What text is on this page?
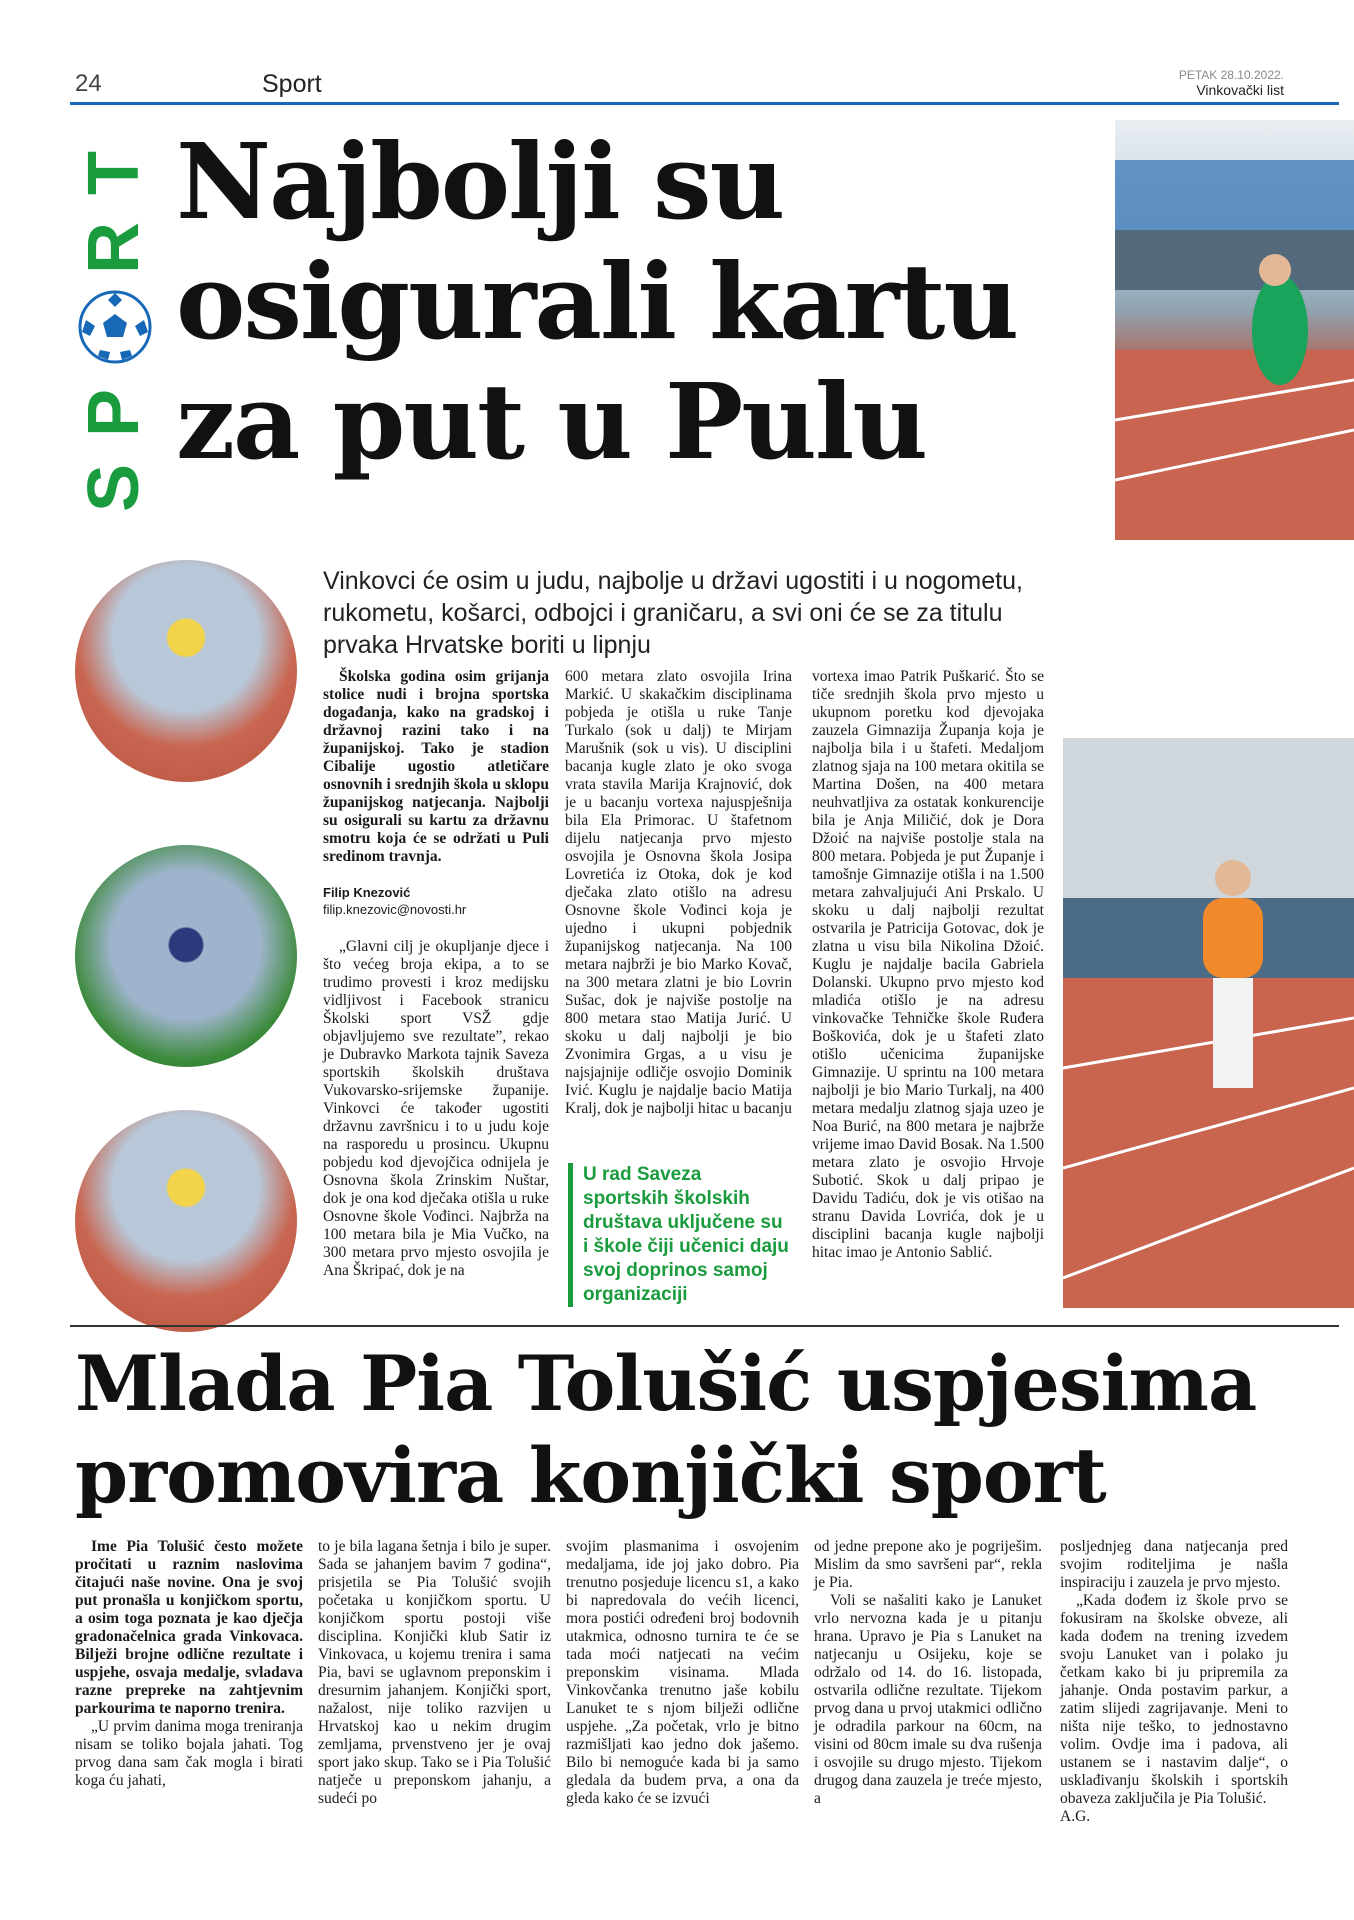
24	Sport	PETAK 28.10.2022.
Vinkovački list
S
P
R
T Najbolji su osigurali kartu za put u Pulu
Vinkovci će osim u judu, najbolje u državi ugostiti i u nogometu, rukometu, košarci, odbojci i graničaru, a svi oni će se za titulu prvaka Hrvatske boriti u lipnju

Školska godina osim grijanja stolice nudi i brojna sportska događanja, kako na gradskoj i državnoj razini tako i na županijskoj. Tako je stadion Cibalije ugostio atletičare osnovnih i srednjih škola u sklopu županijskog natjecanja. Najbolji su osigurali su kartu za državnu smotru koja će se održati u Puli sredinom travnja.

Filip Knezović
filip.knezovic@novosti.hr

„Glavni cilj je okupljanje djece i što većeg broja ekipa, a to se trudimo provesti i kroz medijsku vidljivost i Facebook stranicu Školski sport VSŽ gdje objavljujemo sve rezultate”, rekao je Dubravko Markota tajnik Saveza sportskih školskih društava Vukovarsko-srijemske županije. Vinkovci će također ugostiti državnu završnicu i to u judu koje na rasporedu u prosincu. Ukupnu pobjedu kod djevojčica odnijela je Osnovna škola Zrinskim Nuštar, dok je ona kod dječaka otišla u ruke Osnovne škole Vođinci. Najbrža na 100 metara bila je Mia Vučko, na 300 metara prvo mjesto osvojila je Ana Škripać, dok je na

600 metara zlato osvojila Irina Markić. U skakačkim disciplinama pobjeda je otišla u ruke Tanje Turkalo (sok u dalj) te Mirjam Marušnik (sok u vis). U disciplini bacanja kugle zlato je oko svoga vrata stavila Marija Krajnović, dok je u bacanju vortexa najuspješnija bila Ela Primorac. U štafetnom dijelu natjecanja prvo mjesto osvojila je Osnovna škola Josipa Lovretića iz Otoka, dok je kod dječaka zlato otišlo na adresu Osnovne škole Vođinci koja je ujedno i ukupni pobjednik županijskog natjecanja. Na 100 metara najbrži je bio Marko Kovač, na 300 metara zlatni je bio Lovrin Sušac, dok je najviše postolje na 800 metara stao Matija Jurić. U skoku u dalj najbolji je bio Zvonimira Grgas, a u visu je najsjajnije odličje osvojio Dominik Ivić. Kuglu je najdalje bacio Matija Kralj, dok je najbolji hitac u bacanju

U rad Saveza sportskih školskih društava uključene su i škole čiji učenici daju svoj doprinos samoj organizaciji

vortexa imao Patrik Puškarić. Što se tiče srednjih škola prvo mjesto u ukupnom poretku kod djevojaka zauzela Gimnazija Županja koja je najbolja bila i u štafeti. Medaljom zlatnog sjaja na 100 metara okitila se Martina Došen, na 400 metara neuhvatljiva za ostatak konkurencije bila je Anja Miličić, dok je Dora Džoić na najviše postolje stala na 800 metara. Pobjeda je put Županje i tamošnje Gimnazije otišla i na 1.500 metara zahvaljujući Ani Prskalo. U skoku u dalj najbolji rezultat ostvarila je Patricija Gotovac, dok je zlatna u visu bila Nikolina Džoić. Kuglu je najdalje bacila Gabriela Dolanski. Ukupno prvo mjesto kod mladića otišlo je na adresu vinkovačke Tehničke škole Ruđera Boškovića, dok je u štafeti zlato otišlo učenicima županijske Gimnazije. U sprintu na 100 metara najbolji je bio Mario Turkalj, na 400 metara medalju zlatnog sjaja uzeo je Noa Burić, na 800 metara je najbrže vrijeme imao David Bosak. Na 1.500 metara zlato je osvojio Hrvoje Subotić. Skok u dalj pripao je Davidu Tadiću, dok je vis otišao na stranu Davida Lovrića, dok je u disciplini bacanja kugle najbolji hitac imao je Antonio Sablić.

Mlada Pia Tolušić uspjesima promovira konjički sport

Ime Pia Tolušić često možete pročitati u raznim naslovima čitajući naše novine. Ona je svoj put pronašla u konjičkom sportu, a osim toga poznata je kao dječja gradonačelnica grada Vinkovaca. Bilježi brojne odlične rezultate i uspjehe, osvaja medalje, svladava razne prepreke na zahtjevnim parkourima te naporno trenira.

„U prvim danima moga treniranja nisam se toliko bojala jahati. Tog prvog dana sam čak mogla i birati koga ću jahati,

to je bila lagana šetnja i bilo je super. Sada se jahanjem bavim 7 godina“, prisjetila se Pia Tolušić svojih početaka u konjičkom sportu. U konjičkom sportu postoji više disciplina. Konjički klub Satir iz Vinkovaca, u kojemu trenira i sama Pia, bavi se uglavnom preponskim i dresurnim jahanjem. Konjički sport, nažalost, nije toliko razvijen u Hrvatskoj kao u nekim drugim zemljama, prvenstveno jer je ovaj sport jako skup. Tako se i Pia Tolušić natječe u preponskom jahanju, a sudeći po

svojim plasmanima i osvojenim medaljama, ide joj jako dobro. Pia trenutno posjeduje licencu s1, a kako bi napredovala do većih licenci, mora postići određeni broj bodovnih utakmica, odnosno turnira te će se tada moći natjecati na većim preponskim visinama. Mlada Vinkovčanka trenutno jaše kobilu Lanuket te s njom bilježi odlične uspjehe. „Za početak, vrlo je bitno razmišljati kao jedno dok jašemo. Bilo bi nemoguće kada bi ja samo gledala da budem prva, a ona da gleda kako će se izvući

od jedne prepone ako je pogriješim. Mislim da smo savršeni par“, rekla je Pia.

Voli se našaliti kako je Lanuket vrlo nervozna kada je u pitanju hrana. Upravo je Pia s Lanuket na natjecanju u Osijeku, koje se održalo od 14. do 16. listopada, ostvarila odlične rezultate. Tijekom prvog dana u prvoj utakmici odlično je odradila parkour na 60cm, na visini od 80cm imale su dva rušenja i osvojile su drugo mjesto. Tijekom drugog dana zauzela je treće mjesto, a

posljednjeg dana natjecanja pred svojim roditeljima je našla inspiraciju i zauzela je prvo mjesto.

„Kada dođem iz škole prvo se fokusiram na školske obveze, ali kada dođem na trening izvedem svoju Lanuket van i polako ju četkam kako bi ju pripremila za jahanje. Onda postavim parkur, a zatim slijedi zagrijavanje. Meni to ništa nije teško, to jednostavno volim. Ovdje ima i padova, ali ustanem se i nastavim dalje“, o usklađivanju školskih i sportskih obaveza zaključila je Pia Tolušić.

A.G.
